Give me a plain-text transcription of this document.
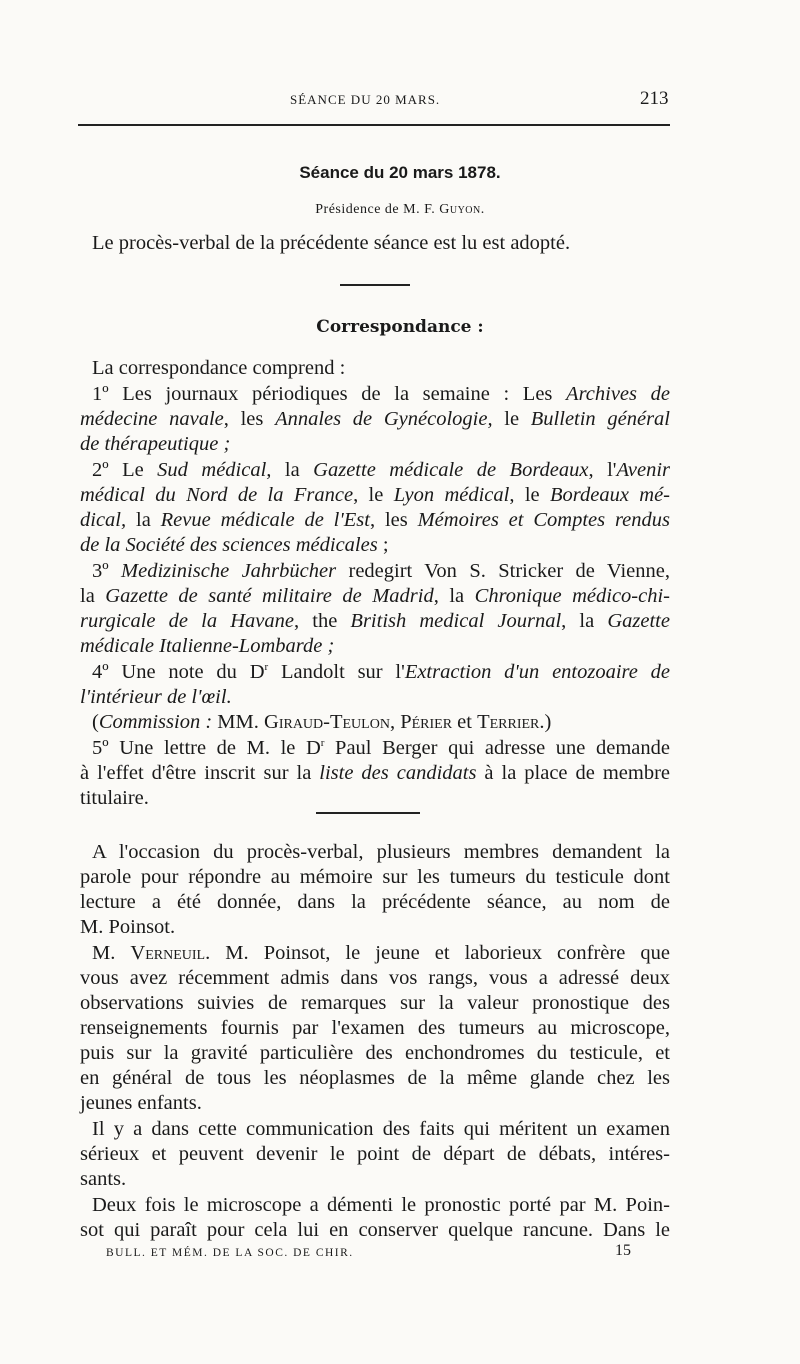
SÉANCE DU 20 MARS.	213
Séance du 20 mars 1878.
Présidence de M. F. Guyon.
Le procès-verbal de la précédente séance est lu est adopté.
Correspondance :
La correspondance comprend :
1º Les journaux périodiques de la semaine : Les Archives de
médecine navale, les Annales de Gynécologie, le Bulletin général
de thérapeutique ;
2º Le Sud médical, la Gazette médicale de Bordeaux, l'Avenir
médical du Nord de la France, le Lyon médical, le Bordeaux mé-
dical, la Revue médicale de l'Est, les Mémoires et Comptes rendus
de la Société des sciences médicales ;
3º Medizinische Jahrbücher redegirt Von S. Stricker de Vienne,
la Gazette de santé militaire de Madrid, la Chronique médico-chi-
rurgicale de la Havane, the British medical Journal, la Gazette
médicale Italienne-Lombarde ;
4º Une note du $D^r$ Landolt sur l'Extraction d'un entozoaire de
l'intérieur de l'œil.
(Commission : MM. Giraud-Teulon, Périer et Terrier.)
5º Une lettre de M. le $D^r$ Paul Berger qui adresse une demande
à l'effet d'être inscrit sur la liste des candidats à la place de membre
titulaire.
A l'occasion du procès-verbal, plusieurs membres demandent la
parole pour répondre au mémoire sur les tumeurs du testicule dont
lecture a été donnée, dans la précédente séance, au nom de
M. Poinsot.
M. Verneuil. M. Poinsot, le jeune et laborieux confrère que
vous avez récemment admis dans vos rangs, vous a adressé deux
observations suivies de remarques sur la valeur pronostique des
renseignements fournis par l'examen des tumeurs au microscope,
puis sur la gravité particulière des enchondromes du testicule, et
en général de tous les néoplasmes de la même glande chez les
jeunes enfants.
Il y a dans cette communication des faits qui méritent un examen
sérieux et peuvent devenir le point de départ de débats, intéres-
sants.
Deux fois le microscope a démenti le pronostic porté par M. Poin-
sot qui paraît pour cela lui en conserver quelque rancune. Dans le
BULL. ET MÉM. DE LA SOC. DE CHIR.	15
